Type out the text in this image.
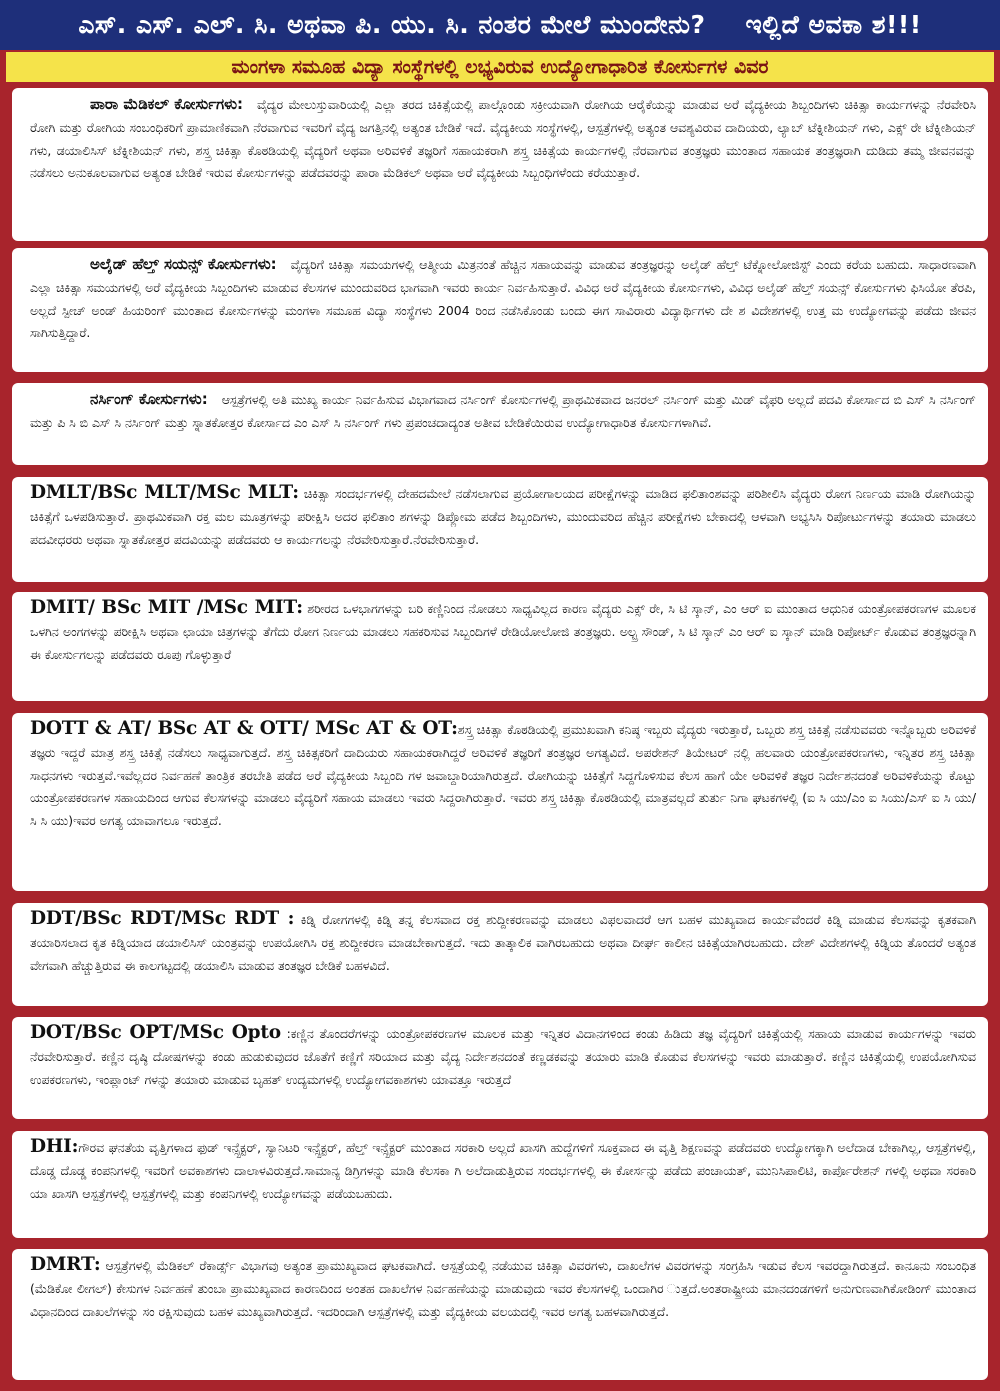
ಎಸ್. ಎಸ್. ಎಲ್. ಸಿ. ಅಥವಾ ಪಿ. ಯು. ಸಿ. ನಂತರ ಮೇಲೆ ಮುಂದೇನು? ಇಲ್ಲಿದೆ ಅವಕಾ ಶ!!!
ಮಂಗಳಾ ಸಮೂಹ ವಿದ್ಯಾ ಸಂಸ್ಥೆಗಳಲ್ಲಿ ಲಭ್ಯವಿರುವ ಉದ್ಯೋಗಾಧಾರಿತ ಕೋರ್ಸುಗಳ ವಿವರ
ಪಾರಾ ಮೆಡಿಕಲ್ ಕೋರ್ಸುಗಳು: ವೈದ್ಯರ ಮೇಲುಸ್ತುವಾರಿಯಲ್ಲಿ ಎಲ್ಲಾ ತರದ ಚಿಕಿತ್ಸೆಯಲ್ಲಿ ಪಾಲ್ಗೊಂಡು ಸಕ್ರೀಯವಾಗಿ ರೋಗಿಯ ಆರೈಕೆಯನ್ನು ಮಾಡುವ ಅರೆ ವೈದ್ಯಕೀಯ ಶಿಬ್ಬಂದಿಗಳು ಚಿಕಿತ್ಸಾ ಕಾರ್ಯಗಳನ್ನು ನೆರವೇರಿಸಿ ರೋಗಿ ಮತ್ತು ರೋಗಿಯ ಸಂಬಂಧಿಕರಿಗೆ ಪ್ರಾಮಾಣಿಕವಾಗಿ ನೆರವಾಗುವ ಇವರಿಗೆ ವೈದ್ಯ ಜಗತ್ತಿನಲ್ಲಿ ಅತ್ಯಂತ ಬೇಡಿಕೆ ಇದೆ. ವೈದ್ಯಕೀಯ ಸಂಸ್ಥೆಗಳಲ್ಲಿ, ಆಸ್ಪತ್ರೆಗಳಲ್ಲಿ ಅತ್ಯಂತ ಆವಶ್ಯವಿರುವ ದಾದಿಯರು, ಲ್ಯಾಬ್ ಟೆಕ್ನೀಶಿಯನ್ ಗಳು, ಎಕ್ಸ್ ರೇ ಟೆಕ್ನೀಶಿಯನ್ ಗಳು, ಡಯಾಲಿಸಿಸ್ ಟೆಕ್ನೀಶಿಯನ್ ಗಳು, ಶಸ್ತ್ರ ಚಿಕಿತ್ಸಾ ಕೊಠಡಿಯಲ್ಲಿ ವೈದ್ಯರಿಗೆ ಅಥವಾ ಅರಿವಳಿಕೆ ತಜ್ಞರಿಗೆ ಸಹಾಯಕರಾಗಿ ಶಸ್ತ್ರ ಚಿಕಿತ್ಸೆಯ ಕಾರ್ಯಗಳಲ್ಲಿ ನೆರವಾಗುವ ತಂತ್ರಜ್ಞರು ಮುಂತಾದ ಸಹಾಯಕ ತಂತ್ರಜ್ಞರಾಗಿ ದುಡಿದು ತಮ್ಮ ಜೀವನವನ್ನು ನಡೆಸಲು ಅನುಕೂಲವಾಗುವ ಅತ್ಯಂತ ಬೇಡಿಕೆ ಇರುವ ಕೋರ್ಸುಗಳನ್ನು ಪಡೆದವರನ್ನು ಪಾರಾ ಮೆಡಿಕಲ್ ಅಥವಾ ಅರೆ ವೈದ್ಯಕೀಯ ಸಿಬ್ಬಂಧಿಗಳೆಂದು ಕರೆಯುತ್ತಾರೆ.
ಅಲೈಡ್ ಹೆಲ್ತ್ ಸಯನ್ಸ್ ಕೋರ್ಸುಗಳು: ವೈದ್ಯರಿಗೆ ಚಿಕಿತ್ಸಾ ಸಮಯಗಳಲ್ಲಿ ಆತ್ಮೀಯ ಮಿತ್ರನಂತೆ ಹೆಚ್ಚಿನ ಸಹಾಯವನ್ನು ಮಾಡುವ ತಂತ್ರಜ್ಞರನ್ನು ಅಲೈಡ್ ಹೆಲ್ತ್ ಟೆಕ್ನೋಲೋಜಿಸ್ಟ್ ಎಂದು ಕರೆಯ ಬಹುದು. ಸಾಧಾರಣವಾಗಿ ಎಲ್ಲಾ ಚಿಕಿತ್ಸಾ ಸಮಯಗಳಲ್ಲಿ ಅರೆ ವೈದ್ಯಕೀಯ ಸಿಬ್ಬಂದಿಗಳು ಮಾಡುವ ಕೆಲಸಗಳ ಮುಂದುವರಿದ ಭಾಗವಾಗಿ ಇವರು ಕಾರ್ಯ ನಿರ್ವಹಿಸುತ್ತಾರೆ. ವಿವಿಧ ಅರೆ ವೈದ್ಯಕೀಯ ಕೋರ್ಸುಗಳು, ವಿವಿಧ ಅಲೈಡ್ ಹೆಲ್ತ್ ಸಯನ್ಸ್ ಕೋರ್ಸುಗಳು ಫಿಸಿಯೋ ತೆರಪಿ, ಅಲ್ಲದೆ ಸ್ಪೀಚ್ ಅಂಡ್ ಹಿಯರಿಂಗ್ ಮುಂತಾದ ಕೋರ್ಸುಗಳನ್ನು ಮಂಗಳಾ ಸಮೂಹ ವಿದ್ಯಾ ಸಂಸ್ಥೆಗಳು 2004 ರಿಂದ ನಡೆಸಿಕೊಂಡು ಬಂದು ಈಗ ಸಾವಿರಾರು ವಿದ್ಯಾರ್ಥಿಗಳು ದೇ ಶ ವಿದೇಶಗಳಲ್ಲಿ ಉತ್ತ ಮ ಉದ್ಯೋಗವನ್ನು ಪಡೆದು ಜೀವನ ಸಾಗಿಸುತ್ತಿದ್ದಾರೆ.
ನರ್ಸಿಂಗ್ ಕೋರ್ಸುಗಳು: ಆಸ್ಪತ್ರೆಗಳಲ್ಲಿ ಅತಿ ಮುಖ್ಯ ಕಾರ್ಯ ನಿರ್ವಹಿಸುವ ವಿಭಾಗವಾದ ನರ್ಸಿಂಗ್ ಕೋರ್ಸುಗಳಲ್ಲಿ ಪ್ರಾಥಮಿಕವಾದ ಜನರಲ್ ನರ್ಸಿಂಗ್ ಮತ್ತು ಮಿಡ್ ವೈಫರಿ ಅಲ್ಲದೆ ಪದವಿ ಕೋರ್ಸಾದ ಬಿ ಎಸ್ ಸಿ ನರ್ಸಿಂಗ್ ಮತ್ತು ಪಿ ಸಿ ಬಿ ಎಸ್ ಸಿ ನರ್ಸಿಂಗ್ ಮತ್ತು ಸ್ನಾತಕೋತ್ತರ ಕೋರ್ಸಾದ ಎಂ ಎಸ್ ಸಿ ನರ್ಸಿಂಗ್ ಗಳು ಪ್ರಪಂಚದಾದ್ಯಂತ ಅತೀವ ಬೇಡಿಕೆಯಿರುವ ಉದ್ಯೋಗಾಧಾರಿತ ಕೋರ್ಸುಗಳಾಗಿವೆ.
DMLT/BSc MLT/MSc MLT: ಚಿಕಿತ್ಸಾ ಸಂದರ್ಭಗಳಲ್ಲಿ ದೇಹದಮೇಲೆ ನಡೆಸಲಾಗುವ ಪ್ರಯೋಗಾಲಯದ ಪರೀಕ್ಷೆಗಳನ್ನು ಮಾಡಿದ ಫಲಿತಾಂಶವನ್ನು ಪರಿಶೀಲಿಸಿ ವೈದ್ಯರು ರೋಗ ನಿರ್ಣಯ ಮಾಡಿ ರೋಗಿಯನ್ನು ಚಿಕಿತ್ಸೆಗೆ ಒಳಪಡಿಸುತ್ತಾರೆ. ಪ್ರಾಥಮಿಕವಾಗಿ ರಕ್ತ ಮಲ ಮೂತ್ರಗಳನ್ನು ಪರೀಕ್ಷಿಸಿ ಅದರ ಫಲಿತಾಂ ಶಗಳನ್ನು ಡಿಪ್ಲೋಮ ಪಡೆದ ಶಿಬ್ಬಂದಿಗಳು, ಮುಂದುವರಿದ ಹೆಚ್ಚಿನ ಪರೀಕ್ಷೆಗಳು ಬೇಕಾದಲ್ಲಿ ಆಳವಾಗಿ ಅಭ್ಯಸಿಸಿ ರಿಪೋರ್ಟುಗಳನ್ನು ತಯಾರು ಮಾಡಲು ಪದವೀಧರರು ಅಥವಾ ಸ್ನಾತಕೋತ್ತರ ಪದವಿಯನ್ನು ಪಡೆದವರು ಆ ಕಾರ್ಯಗಲನ್ನು ನೆರವೇರಿಸುತ್ತಾರೆ.ನೆರವೇರಿಸುತ್ತಾರೆ.
DMIT/ BSc MIT /MSc MIT: ಶರೀರದ ಒಳಭಾಗಗಳನ್ನು ಬರಿ ಕಣ್ಣಿನಿಂದ ನೋಡಲು ಸಾಧ್ಯವಿಲ್ಲದ ಕಾರಣ ವೈದ್ಯರು ಎಕ್ಸ್ ರೇ, ಸಿ ಟಿ ಸ್ಕಾನ್, ಎಂ ಆರ್ ಐ ಮುಂತಾದ ಆಧುನಿಕ ಯಂತ್ರೋಪಕರಣಗಳ ಮೂಲಕ ಒಳಗಿನ ಅಂಗಗಳನ್ನು ಪರೀಕ್ಷಿಸಿ ಅಥವಾ ಛಾಯಾ ಚಿತ್ರಗಳನ್ನು ತೆಗೆದು ರೋಗ ನಿರ್ಣಯ ಮಾಡಲು ಸಹಕರಿಸುವ ಸಿಬ್ಬಂದಿಗಳೆ ರೇಡಿಯೋಲೋಜಿ ತಂತ್ರಜ್ಞರು. ಅಲ್ಟ್ರ ಸೌಂಡ್, ಸಿ ಟಿ ಸ್ಕಾನ್ ಎಂ ಆರ್ ಐ ಸ್ಕಾನ್ ಮಾಡಿ ರಿಪೋರ್ಟ್ ಕೊಡುವ ತಂತ್ರಜ್ಞರನ್ನಾಗಿ ಈ ಕೋರ್ಸುಗಲನ್ನು ಪಡೆದವರು ರೂಪು ಗೊಳ್ಳುತ್ತಾರೆ
DOTT & AT/ BSc AT & OTT/ MSc AT & OT:ಶಸ್ತ್ರ ಚಿಕಿತ್ಸಾ ಕೊಠಡಿಯಲ್ಲಿ ಪ್ರಮುಖವಾಗಿ ಕನಿಷ್ಠ ಇಬ್ಬರು ವೈದ್ಯರು ಇರುತ್ತಾರೆ, ಒಬ್ಬರು ಶಸ್ತ್ರ ಚಿಕಿತ್ಸೆ ನಡೆಸುವವರು ಇನ್ನೊಬ್ಬರು ಅರಿವಳಿಕೆ ತಜ್ಞರು ಇದ್ದರೆ ಮಾತ್ರ ಶಸ್ತ್ರ ಚಿಕಿತ್ಸೆ ನಡೆಸಲು ಸಾಧ್ಯವಾಗುತ್ತದೆ. ಶಸ್ತ್ರ ಚಿಕಿತ್ಸಕರಿಗೆ ದಾದಿಯರು ಸಹಾಯಕರಾಗಿದ್ದರೆ ಅರಿವಳಿಕೆ ತಜ್ಞರಿಗೆ ತಂತ್ರಜ್ಞರ ಅಗತ್ಯವಿದೆ. ಅಪರೇಶನ್ ತಿಯೇಟರ್ ನಲ್ಲಿ ಹಲವಾರು ಯಂತ್ರೋಪಕರಣಗಳು, ಇನ್ನಿತರ ಶಸ್ತ್ರ ಚಿಕಿತ್ಸಾ ಸಾಧನಗಳು ಇರುತ್ತವೆ.ಇವೆಲ್ಲದರ ನಿರ್ವಹಣೆ ತಾಂತ್ರಿಕ ತರಬೇತಿ ಪಡೆದ ಅರೆ ವೈದ್ಯಕೀಯ ಸಿಬ್ಬಂದಿ ಗಳ ಜವಾಬ್ದಾರಿಯಾಗಿರುತ್ತದೆ. ರೋಗಿಯನ್ನು ಚಿಕಿತ್ಸೆಗೆ ಸಿದ್ದಗೊಳಿಸುವ ಕೆಲಸ ಹಾಗೆ ಯೇ ಅರಿವಳಿಕೆ ತಜ್ಞರ ನಿರ್ದೇಶನದಂತೆ ಅರಿವಳಿಕೆಯನ್ನು ಕೊಟ್ಟು ಯಂತ್ರೋಪಕರಣಗಳ ಸಹಾಯದಿಂದ ಆಗುವ ಕೆಲಸಗಳನ್ನು ಮಾಡಲು ವೈದ್ಯರಿಗೆ ಸಹಾಯ ಮಾಡಲು ಇವರು ಸಿದ್ದರಾಗಿರುತ್ತಾರೆ. ಇವರು ಶಸ್ತ್ರ ಚಿಕಿತ್ಸಾ ಕೊಠಡಿಯಲ್ಲಿ ಮಾತ್ರವಲ್ಲದೆ ತುರ್ತು ನಿಗಾ ಘಟಕಗಳಲ್ಲಿ (ಐ ಸಿ ಯು/ಎಂ ಐ ಸಿಯು/ಎಸ್ ಐ ಸಿ ಯು/ಸಿ ಸಿ ಯು)ಇವರ ಅಗತ್ಯ ಯಾವಾಗಲೂ ಇರುತ್ತದೆ.
DDT/BSc RDT/MSc RDT : ಕಿಡ್ನಿ ರೋಗಗಳಲ್ಲಿ ಕಿಡ್ನಿ ತನ್ನ ಕೆಲಸವಾದ ರಕ್ತ ಶುದ್ದೀಕರಣವನ್ನು ಮಾಡಲು ವಿಫಲವಾದರೆ ಆಗ ಬಹಳ ಮುಖ್ಯವಾದ ಕಾರ್ಯವೆಂದರೆ ಕಿಡ್ನಿ ಮಾಡುವ ಕೆಲಸವನ್ನು ಕೃತಕವಾಗಿ ತಯಾರಿಸಲಾದ ಕೃತ ಕಿಡ್ನಿಯಾದ ಡಯಾಲಿಸಿಸ್ ಯಂತ್ರವನ್ನು ಉಪಯೋಗಿಸಿ ರಕ್ತ ಶುದ್ದೀಕರಣ ಮಾಡಬೇಕಾಗುತ್ತದೆ. ಇದು ತಾತ್ಕಾಲಿಕ ವಾಗಿರಬಹುದು ಅಥವಾ ದೀರ್ಘ ಕಾಲೀನ ಚಿಕಿತ್ಸೆಯಾಗಿರಬಹುದು. ದೇಶ್ ವಿದೇಶಗಳಲ್ಲಿ ಕಿಡ್ನಿಯ ತೊಂದರೆ ಅತ್ಯಂತ ವೇಗವಾಗಿ ಹೆಚ್ಚುತ್ತಿರುವ ಈ ಕಾಲಗಟ್ಟದಲ್ಲಿ ಡಯಾಲಿಸಿ ಮಾಡುವ ತಂತಜ್ಞರ ಬೇಡಿಕೆ ಬಹಳವಿದೆ.
DOT/BSc OPT/MSc Opto :ಕಣ್ಣಿನ ತೊಂದರೆಗಳನ್ನು ಯಂತ್ರೋಪಕರಣಗಳ ಮೂಲಕ ಮತ್ತು ಇನ್ನಿತರ ವಿದಾನಗಳಿಂದ ಕಂಡು ಹಿಡಿದು ತಜ್ಞ ವೈದ್ಯರಿಗೆ ಚಿಕಿತ್ಸೆಯಲ್ಲಿ ಸಹಾಯ ಮಾಡುವ ಕಾರ್ಯಗಳನ್ನು ಇವರು ನೆರವೇರಿಸುತ್ತಾರೆ. ಕಣ್ಣಿನ ದೃಷ್ಠಿ ದೋಷಗಳನ್ನು ಕಂಡು ಹುಡುಕುವುದರ ಜೊತೆಗೆ ಕಣ್ಣಿಗೆ ಸರಿಯಾದ ಮತ್ತು ವೈದ್ಯ ನಿರ್ದೇಶನದಂತೆ ಕಣ್ಣಡಕವನ್ನು ತಯಾರು ಮಾಡಿ ಕೊಡುವ ಕೆಲಸಗಳನ್ನು ಇವರು ಮಾಡುತ್ತಾರೆ. ಕಣ್ಣಿನ ಚಿಕಿತ್ಸೆಯಲ್ಲಿ ಉಪಯೋಗಿಸುವ ಉಪಕರಣಗಳು, ಇಂಪ್ಲಾಂಟ್ ಗಳನ್ನು ತಯಾರು ಮಾಡುವ ಬೃಹತ್ ಉದ್ಯಮಗಳಲ್ಲಿ ಉದ್ಯೋಗವಕಾಶಗಳು ಯಾವತ್ತೂ ಇರುತ್ತದೆ
DHI:ಗೌರವ ಘನತೆಯ ವೃತ್ತಿಗಳಾದ ಫುಡ್ ಇನ್ಸ್ಪೆಕ್ಟರ್, ಸ್ಯಾನಿಟರಿ ಇನ್ಸ್ಪೆಕ್ಟರ್, ಹೆಲ್ತ್ ಇನ್ಸ್ಪೆಕ್ಟರ್ ಮುಂತಾದ ಸರಕಾರಿ ಅಲ್ಲದೆ ಖಾಸಗಿ ಹುದ್ದೆಗಳಿಗೆ ಸೂಕ್ತವಾದ ಈ ವೃತ್ತಿ ಶಿಕ್ಷಣವನ್ನು ಪಡೆದವರು ಉದ್ಯೋಗಕ್ಕಾಗಿ ಅಲೆದಾಡ ಬೇಕಾಗಿಲ್ಲ, ಆಸ್ಪತ್ರೆಗಳಲ್ಲಿ, ದೊಡ್ಡ ದೊಡ್ಡ ಕಂಪನಿಗಳಲ್ಲಿ ಇವರಿಗೆ ಅವಕಾಶಗಳು ದಾಲಾಳವಿರುತ್ತದೆ.ಸಾಮಾನ್ಯ ಡಿಗ್ರಿಗಳನ್ನು ಮಾಡಿ ಕೆಲಸಕಾ ಗಿ ಅಲೆದಾಡುತ್ತಿರುವ ಸಂದರ್ಭಗಳಲ್ಲಿ ಈ ಕೋರ್ಸನ್ನು ಪಡೆದು ಪಂಚಾಯತ್, ಮುನಿಸಿಪಾಲಿಟಿ, ಕಾರ್ಪೊರೇಶನ್ ಗಳಲ್ಲಿ ಅಥವಾ ಸರಕಾರಿ ಯಾ ಖಾಸಗಿ ಆಸ್ಪತ್ರೆಗಳಲ್ಲಿ ಆಸ್ಪತ್ರೆಗಳಲ್ಲಿ ಮತ್ತು ಕಂಪನಿಗಳಲ್ಲಿ ಉದ್ಯೋಗವನ್ನು ಪಡೆಯಬಹುದು.
DMRT: ಆಸ್ಪತ್ರೆಗಳಲ್ಲಿ ಮೆಡಿಕಲ್ ರೆಕಾರ್ಡ್ಸ್ ವಿಭಾಗವು ಅತ್ಯಂತ ಪ್ರಾಮುಖ್ಯವಾದ ಘಟಕವಾಗಿದೆ. ಆಸ್ಪತ್ರೆಯಲ್ಲಿ ನಡೆಯುವ ಚಿಕಿತ್ಸಾ ವಿವರಗಳು, ದಾಖಲೆಗಳ ವಿವರಗಳನ್ನು ಸಂಗ್ರಹಿಸಿ ಇಡುವ ಕೆಲಸ ಇವರದ್ದಾಗಿರುತ್ತದೆ. ಕಾನೂನು ಸಂಬಂಧಿತ (ಮೆಡಿಕೋ ಲೀಗಲ್) ಕೇಸುಗಳ ನಿರ್ವಹಣೆ ತುಂಬಾ ಪ್ರಾಮುಖ್ಯವಾದ ಕಾರಣದಿಂದ ಅಂತಹ ದಾಖಲೆಗಳ ನಿರ್ವಹಣೆಯನ್ನು ಮಾಡುವುದು ಇವರ ಕೆಲಸಗಳಲ್ಲಿ ಒಂದಾಗಿರ ುತ್ತದೆ.ಅಂತರಾಷ್ಟ್ರೀಯ ಮಾನದಂಡಗಳಿಗೆ ಅನುಗುಣವಾಗಿಕೋಡಿಂಗ್ ಮುಂತಾದ ವಿಧಾನದಿಂದ ದಾಖಲೆಗಳನ್ನು ಸಂ ರಕ್ಷಿಸುವುದು ಬಹಳ ಮುಖ್ಯವಾಗಿರುತ್ತದೆ. ಇದರಿಂದಾಗಿ ಆಸ್ಪತ್ರೆಗಳಲ್ಲಿ ಮತ್ತು ವೈದ್ಯಕೀಯ ವಲಯದಲ್ಲಿ ಇವರ ಅಗತ್ಯ ಬಹಳವಾಗಿರುತ್ತದೆ.
